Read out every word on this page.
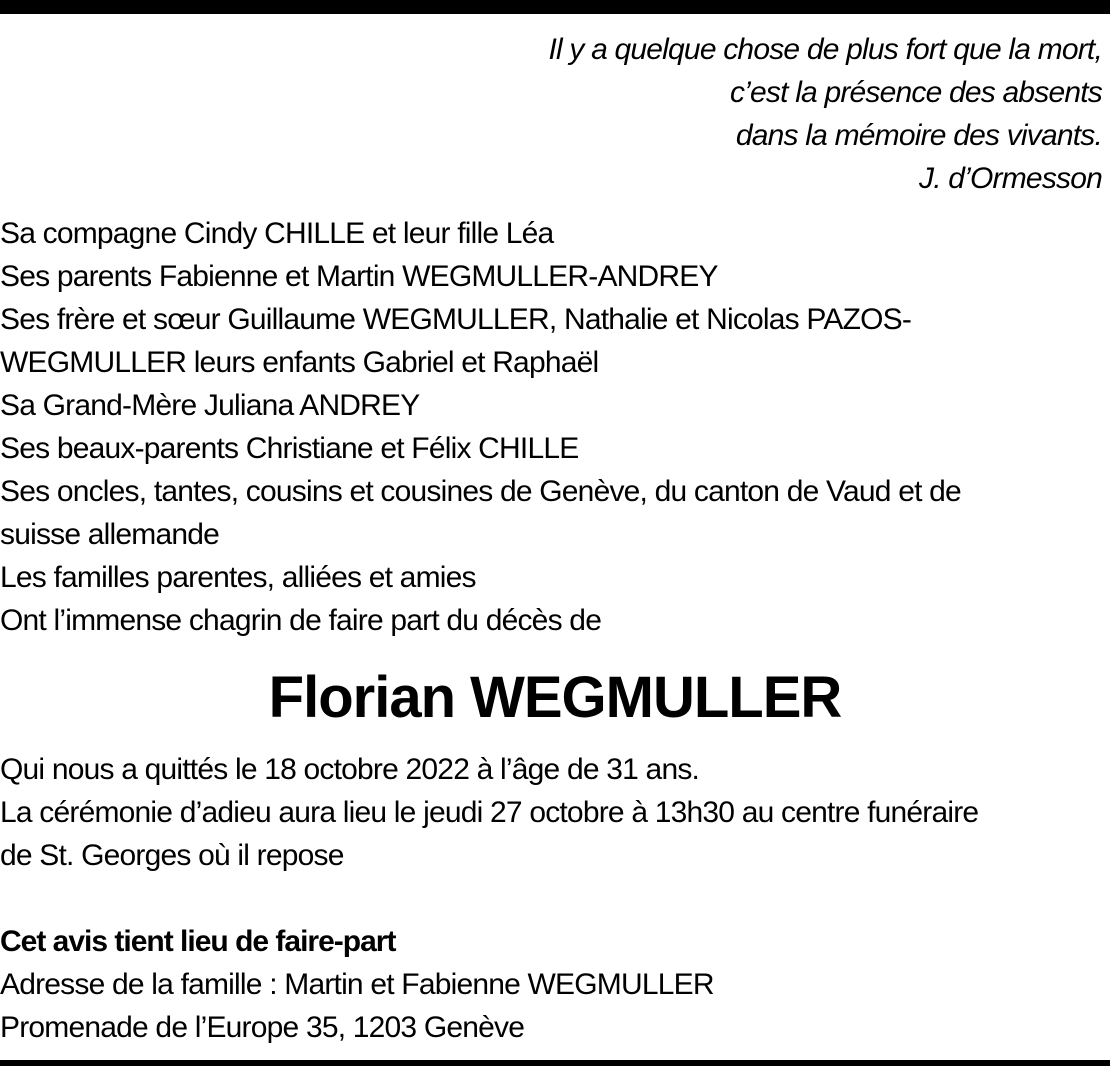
Il y a quelque chose de plus fort que la mort,
c’est la présence des absents
dans la mémoire des vivants.
J. d’Ormesson
Sa compagne Cindy CHILLE et leur fille Léa
Ses parents Fabienne et Martin WEGMULLER-ANDREY
Ses frère et sœur Guillaume WEGMULLER, Nathalie et Nicolas PAZOS-
WEGMULLER leurs enfants Gabriel et Raphaël
Sa Grand-Mère Juliana ANDREY
Ses beaux-parents Christiane et Félix CHILLE
Ses oncles, tantes, cousins et cousines de Genève, du canton de Vaud et de
suisse allemande
Les familles parentes, alliées et amies
Ont l’immense chagrin de faire part du décès de
Florian WEGMULLER
Qui nous a quittés le 18 octobre 2022 à l’âge de 31 ans.
La cérémonie d’adieu aura lieu le jeudi 27 octobre à 13h30 au centre funéraire
de St. Georges où il repose
Cet avis tient lieu de faire-part
Adresse de la famille : Martin et Fabienne WEGMULLER
Promenade de l’Europe 35, 1203 Genève
